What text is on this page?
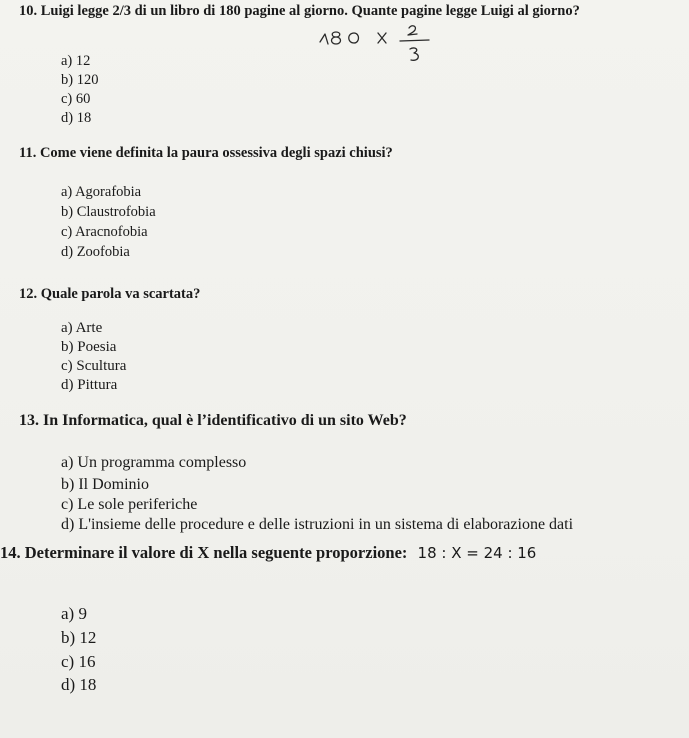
10. Luigi legge 2/3 di un libro di 180 pagine al giorno. Quante pagine legge Luigi al giorno?
a) 12
b) 120
c) 60
d) 18
11. Come viene definita la paura ossessiva degli spazi chiusi?
a) Agorafobia
b) Claustrofobia
c) Aracnofobia
d) Zoofobia
12. Quale parola va scartata?
a) Arte
b) Poesia
c) Scultura
d) Pittura
13. In Informatica, qual è l’identificativo di un sito Web?
a) Un programma complesso
b) Il Dominio
c) Le sole periferiche
d) L'insieme delle procedure e delle istruzioni in un sistema di elaborazione dati
14. Determinare il valore di X nella seguente proporzione: 18 : X = 24 : 16
a) 9
b) 12
c) 16
d) 18
